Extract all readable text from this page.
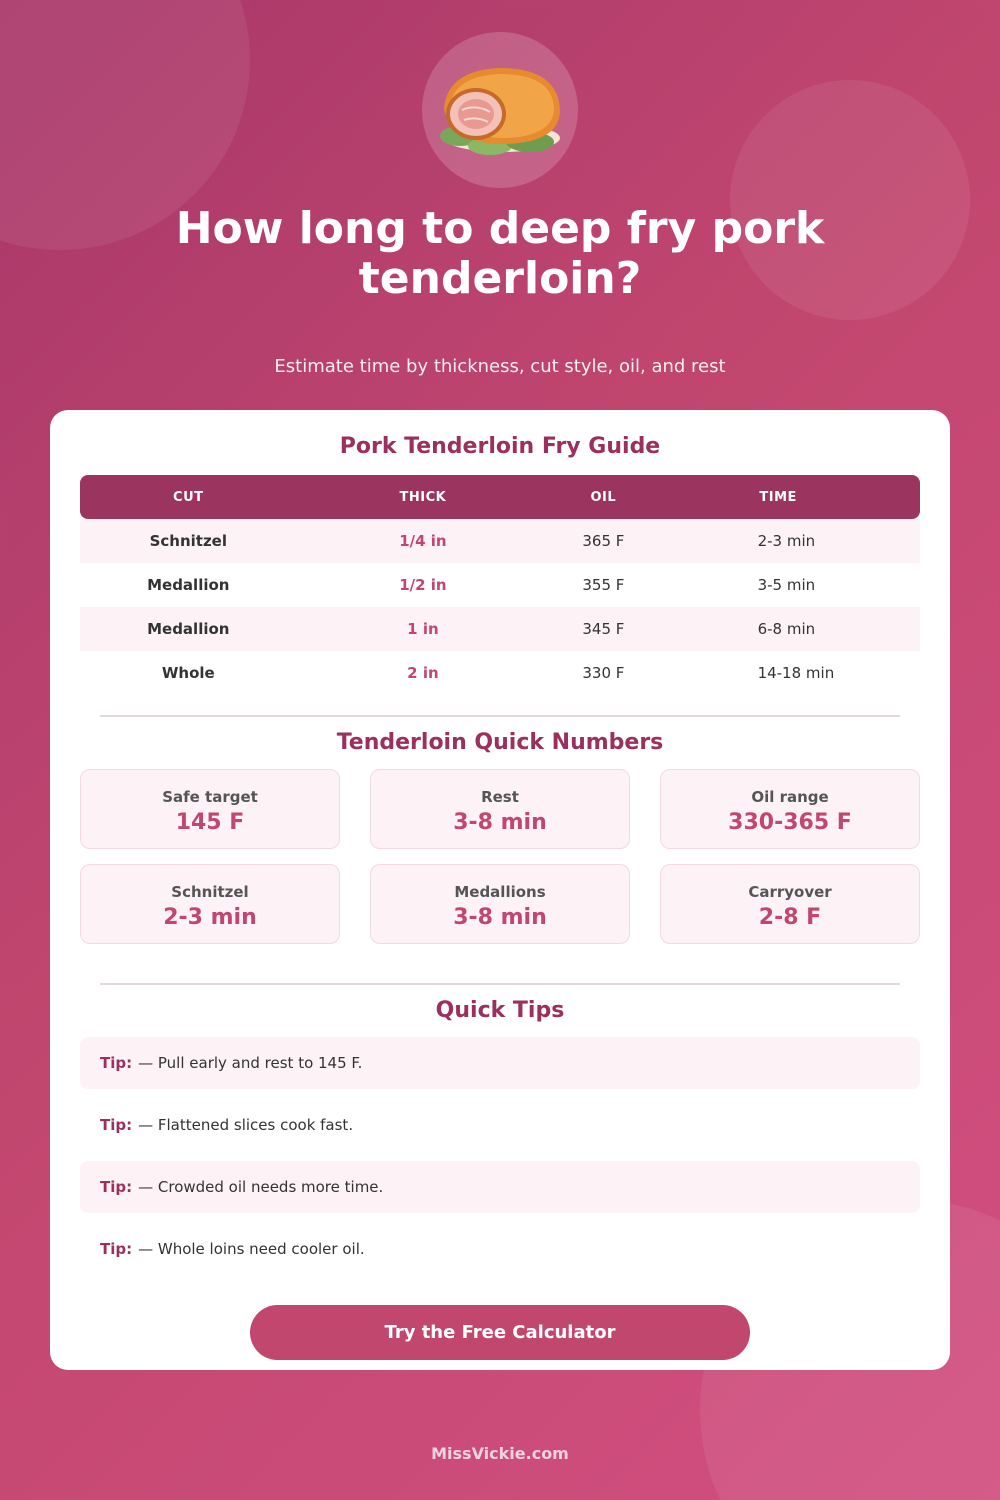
How long to deep fry pork tenderloin?
Estimate time by thickness, cut style, oil, and rest
Pork Tenderloin Fry Guide
CUT	THICK	OIL	TIME
Schnitzel	1/4 in	365 F	2-3 min
Medallion	1/2 in	355 F	3-5 min
Medallion	1 in	345 F	6-8 min
Whole	2 in	330 F	14-18 min
Tenderloin Quick Numbers
Safe target
145 F
Rest
3-8 min
Oil range
330-365 F
Schnitzel
2-3 min
Medallions
3-8 min
Carryover
2-8 F
Quick Tips
Tip: — Pull early and rest to 145 F.
Tip: — Flattened slices cook fast.
Tip: — Crowded oil needs more time.
Tip: — Whole loins need cooler oil.
Try the Free Calculator
MissVickie.com
